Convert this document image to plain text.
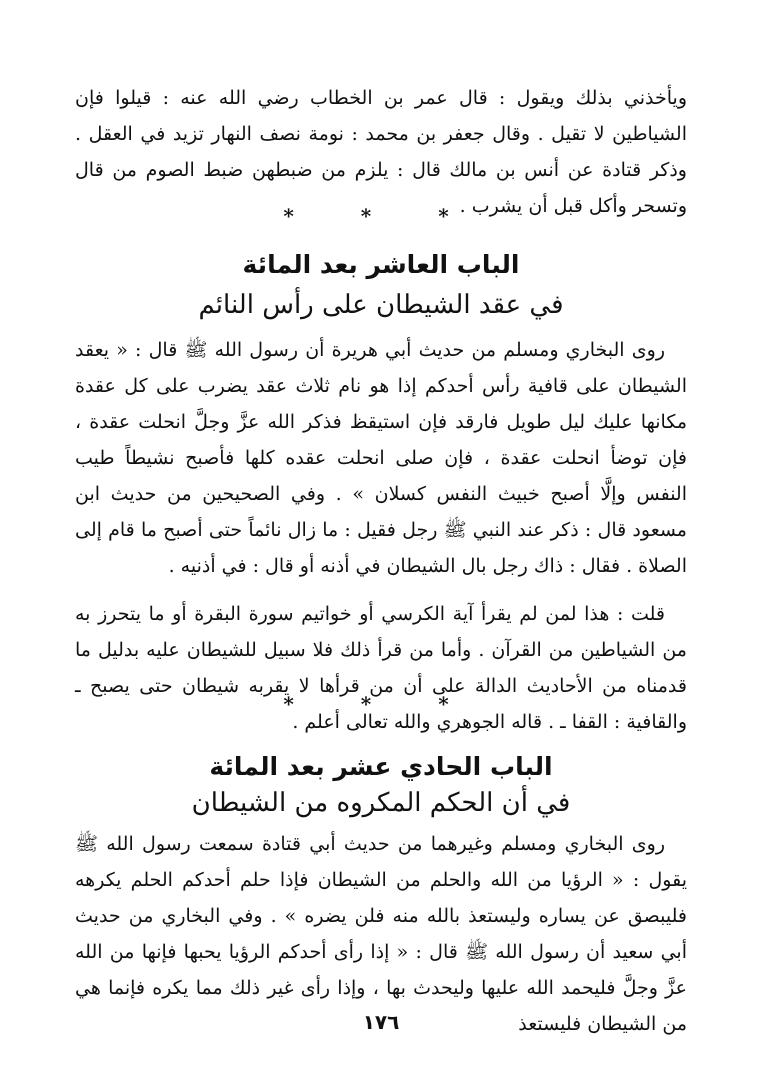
ويأخذني بذلك ويقول : قال عمر بن الخطاب رضي الله عنه : قيلوا فإن الشياطين لا تقيل . وقال جعفر بن محمد : نومة نصف النهار تزيد في العقل . وذكر قتادة عن أنس بن مالك قال : يلزم من ضبطهن ضبط الصوم من قال وتسحر وأكل قبل أن يشرب .

* * *
الباب العاشر بعد المائة
في عقد الشيطان على رأس النائم

روى البخاري ومسلم من حديث أبي هريرة أن رسول الله ﷺ قال : « يعقد الشيطان على قافية رأس أحدكم إذا هو نام ثلاث عقد يضرب على كل عقدة مكانها عليك ليل طويل فارقد فإن استيقظ فذكر الله عزَّ وجلَّ انحلت عقدة ، فإن توضأ انحلت عقدة ، فإن صلى انحلت عقده كلها فأصبح نشيطاً طيب النفس وإلَّا أصبح خبيث النفس كسلان » . وفي الصحيحين من حديث ابن مسعود قال : ذكر عند النبي ﷺ رجل فقيل : ما زال نائماً حتى أصبح ما قام إلى الصلاة . فقال : ذاك رجل بال الشيطان في أذنه أو قال : في أذنيه .

قلت : هذا لمن لم يقرأ آية الكرسي أو خواتيم سورة البقرة أو ما يتحرز به من الشياطين من القرآن . وأما من قرأ ذلك فلا سبيل للشيطان عليه بدليل ما قدمناه من الأحاديث الدالة على أن من قرأها لا يقربه شيطان حتى يصبح ـ والقافية : القفا ـ . قاله الجوهري والله تعالى أعلم .

* * *
الباب الحادي عشر بعد المائة
في أن الحكم المكروه من الشيطان

روى البخاري ومسلم وغيرهما من حديث أبي قتادة سمعت رسول الله ﷺ يقول : « الرؤيا من الله والحلم من الشيطان فإذا حلم أحدكم الحلم يكرهه فليبصق عن يساره وليستعذ بالله منه فلن يضره » . وفي البخاري من حديث أبي سعيد أن رسول الله ﷺ قال : « إذا رأى أحدكم الرؤيا يحبها فإنها من الله عزَّ وجلَّ فليحمد الله عليها وليحدث بها ، وإذا رأى غير ذلك مما يكره فإنما هي من الشيطان فليستعذ

١٧٦
